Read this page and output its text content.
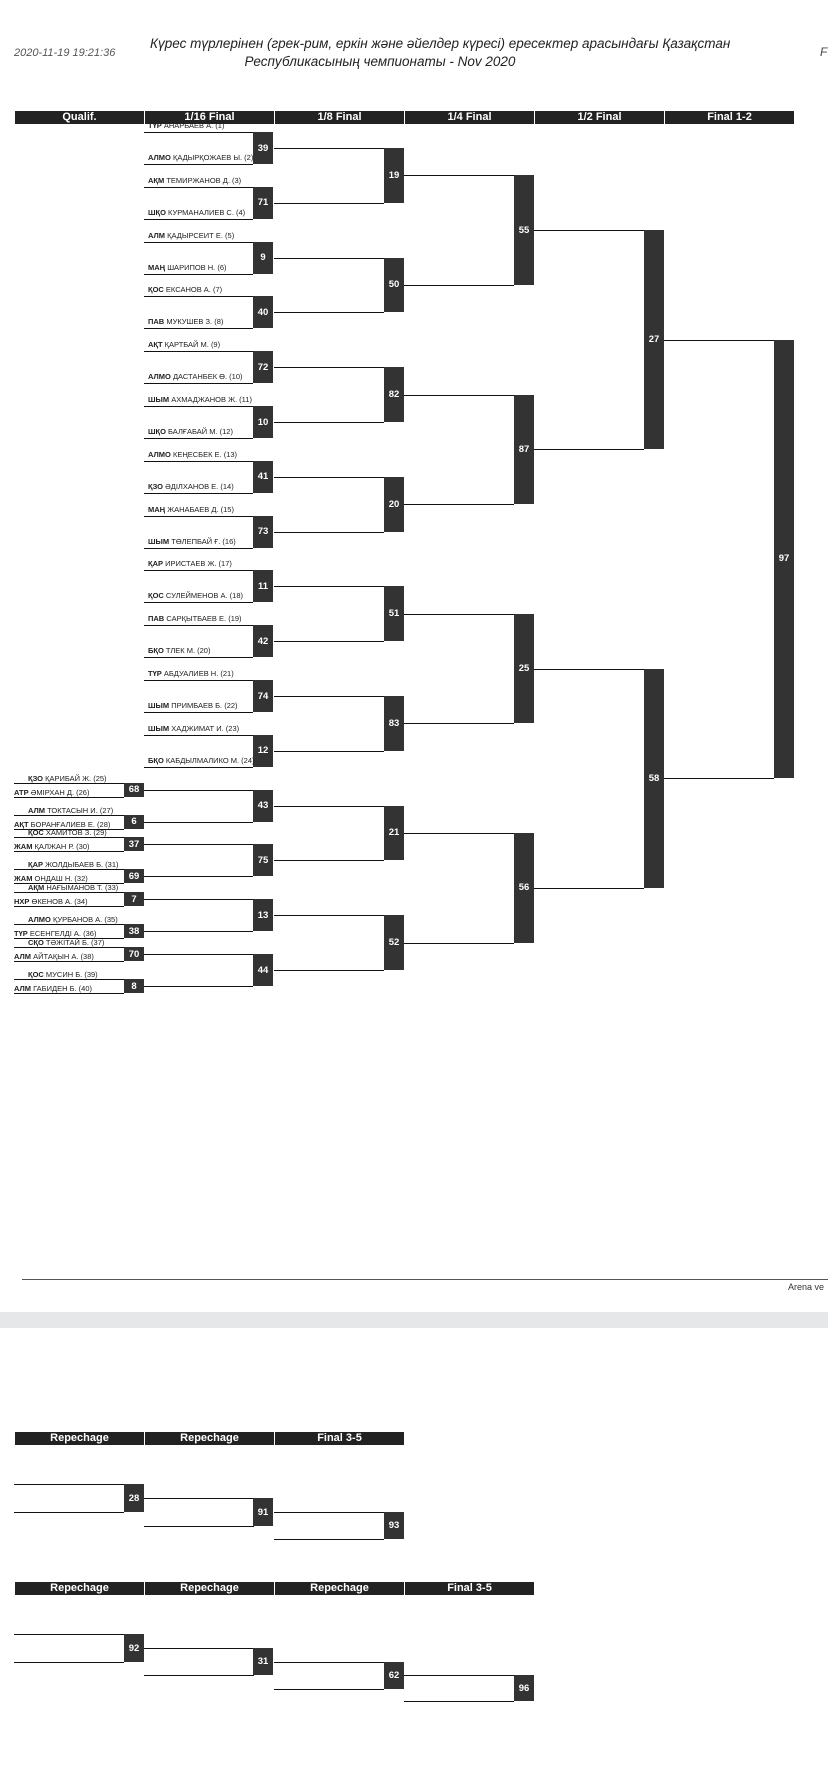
2020-11-19 19:21:36
Күрес түрлерінен (грек-рим, еркін және әйелдер күресі) ересектер арасындағы Қазақстан
Республикасының чемпионаты - Nov 2020
F
Qualif.	1/16 Final	1/8 Final	1/4 Final	1/2 Final	Final 1-2
39
ТҮР АНАРБАЕВ А. (1)
АЛМО ҚАДЫРҚОЖАЕВ Ы. (2)
71
АҚМ ТЕМИРЖАНОВ Д. (3)
ШҚО КУРМАНАЛИЕВ С. (4)
9
АЛМ ҚАДЫРСЕИТ Е. (5)
МАҢ ШАРИПОВ Н. (6)
40
ҚОС ЕКСАНОВ А. (7)
ПАВ МУКУШЕВ З. (8)
72
АҚТ ҚАРТБАЙ М. (9)
АЛМО ДАСТАНБЕК Ө. (10)
10
ШЫМ АХМАДЖАНОВ Ж. (11)
ШҚО БАЛҒАБАЙ М. (12)
41
АЛМО КЕҢЕСБЕК Е. (13)
ҚЗО ӘДІЛХАНОВ Е. (14)
73
МАҢ ЖАНАБАЕВ Д. (15)
ШЫМ ТӨЛЕПБАЙ Ғ. (16)
11
ҚАР ИРИСТАЕВ Ж. (17)
ҚОС СУЛЕЙМЕНОВ А. (18)
42
ПАВ САРҚЫТБАЕВ Е. (19)
БҚО ТЛЕК М. (20)
74
ТҮР АБДУАЛИЕВ Н. (21)
ШЫМ ПРИМБАЕВ Б. (22)
12
ШЫМ ХАДЖИМАТ И. (23)
БҚО КАБДЫЛМАЛИКО М. (24)
43
68
ҚЗО ҚАРИБАЙ Ж. (25)
АТР ӘМІРХАН Д. (26)
6
АЛМ ТОКТАСЫН И. (27)
АҚТ БОРАНҒАЛИЕВ Е. (28)
75
37
ҚОС ХАМИТОВ З. (29)
ЖАМ ҚАЛЖАН Р. (30)
69
ҚАР ЖОЛДЫБАЕВ Б. (31)
ЖАМ ОНДАШ Н. (32)
13
7
АҚМ НАҒЫМАНОВ Т. (33)
НХР ӨКЕНОВ А. (34)
38
АЛМО ҚУРБАНОВ А. (35)
ТҮР ЕСЕНГЕЛДІ А. (36)
44
70
СҚО ТӘЖІТАЙ Б. (37)
АЛМ АЙТАҚЫН А. (38)
8
ҚОС МУСИН Б. (39)
АЛМ ГАБИДЕН Б. (40)
19
50
82
20
51
83
21
52
55
87
25
56
27
58
97
Repechage	Repechage	Final 3-5
28
91
93
Repechage	Repechage	Repechage	Final 3-5
92
31
62
96
Arena ve
